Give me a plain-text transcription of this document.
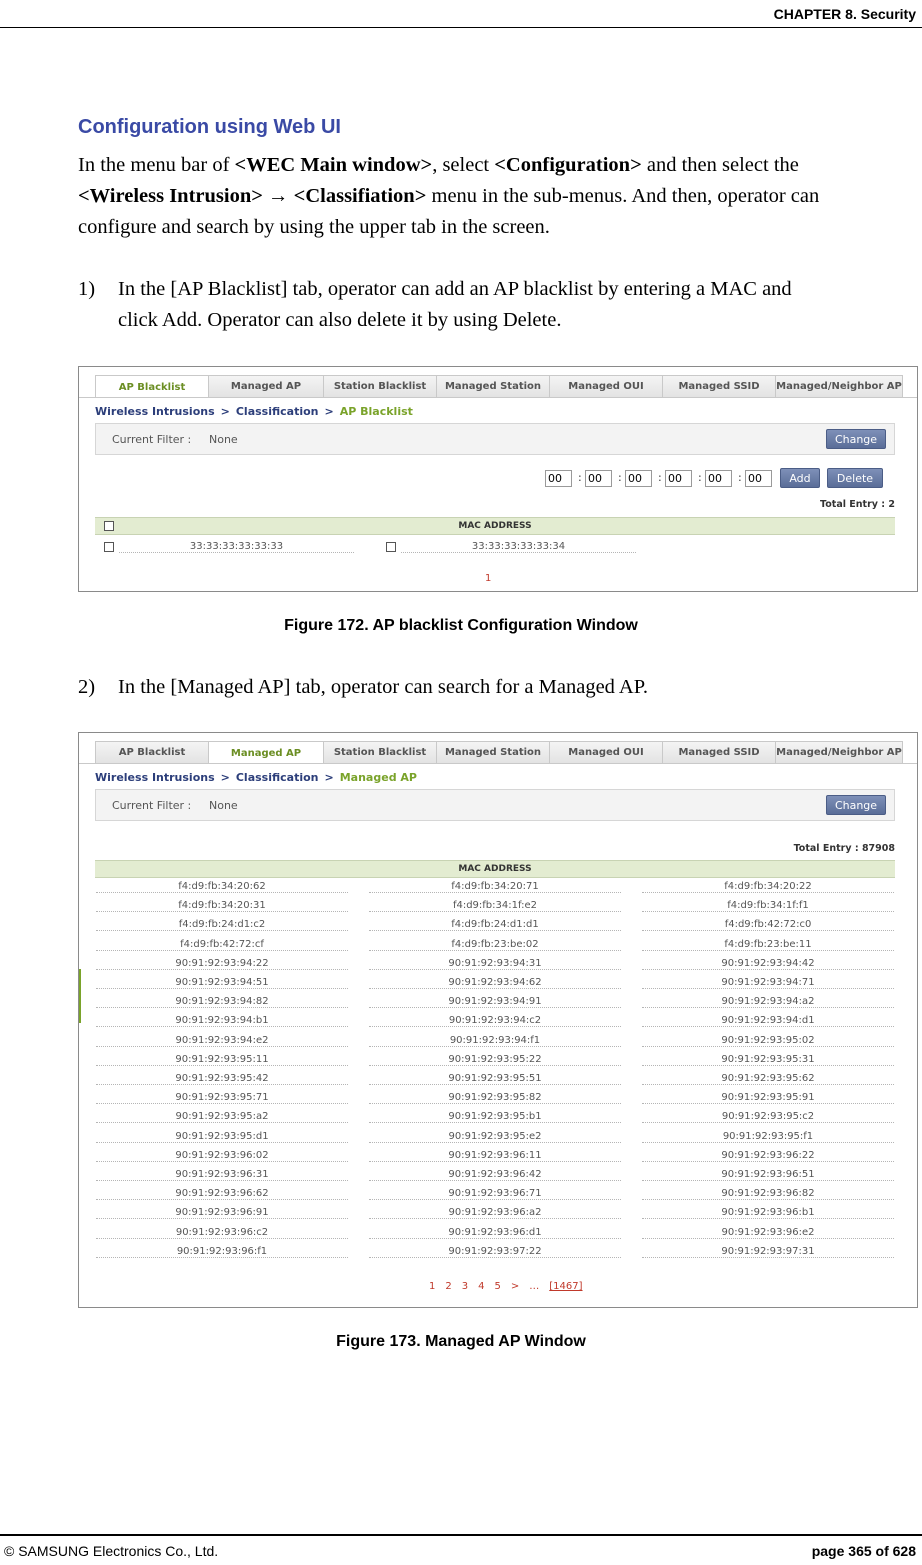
CHAPTER 8. Security
Configuration using Web UI
In the menu bar of <WEC Main window>, select <Configuration> and then select the
<Wireless Intrusion> → <Classifiation> menu in the sub-menus. And then, operator can
configure and search by using the upper tab in the screen.
1) In the [AP Blacklist] tab, operator can add an AP blacklist by entering a MAC and
click Add. Operator can also delete it by using Delete.
AP Blacklist	Managed AP	Station Blacklist	Managed Station	Managed OUI	Managed SSID	Managed/Neighbor AP
Wireless Intrusions > Classification > AP Blacklist
Current Filter : None	Change
Add	Delete
Total Entry : 2
MAC ADDRESS
33:33:33:33:33:33	33:33:33:33:33:34
1
00	: 00	: 00	: 00	: 00	: 00
Figure 172. AP blacklist Configuration Window
2) In the [Managed AP] tab, operator can search for a Managed AP.
AP Blacklist	Managed AP	Station Blacklist	Managed Station	Managed OUI	Managed SSID	Managed/Neighbor AP
Wireless Intrusions > Classification > Managed AP
Current Filter : None	Change
Total Entry : 87908
MAC ADDRESS
1 2 3 4 5 > … [1467]
f4:d9:fb:34:20:62	f4:d9:fb:34:20:71	f4:d9:fb:34:20:22
f4:d9:fb:34:20:31	f4:d9:fb:34:1f:e2	f4:d9:fb:34:1f:f1
f4:d9:fb:24:d1:c2	f4:d9:fb:24:d1:d1	f4:d9:fb:42:72:c0
f4:d9:fb:42:72:cf	f4:d9:fb:23:be:02	f4:d9:fb:23:be:11
90:91:92:93:94:22	90:91:92:93:94:31	90:91:92:93:94:42
90:91:92:93:94:51	90:91:92:93:94:62	90:91:92:93:94:71
90:91:92:93:94:82	90:91:92:93:94:91	90:91:92:93:94:a2
90:91:92:93:94:b1	90:91:92:93:94:c2	90:91:92:93:94:d1
90:91:92:93:94:e2	90:91:92:93:94:f1	90:91:92:93:95:02
90:91:92:93:95:11	90:91:92:93:95:22	90:91:92:93:95:31
90:91:92:93:95:42	90:91:92:93:95:51	90:91:92:93:95:62
90:91:92:93:95:71	90:91:92:93:95:82	90:91:92:93:95:91
90:91:92:93:95:a2	90:91:92:93:95:b1	90:91:92:93:95:c2
90:91:92:93:95:d1	90:91:92:93:95:e2	90:91:92:93:95:f1
90:91:92:93:96:02	90:91:92:93:96:11	90:91:92:93:96:22
90:91:92:93:96:31	90:91:92:93:96:42	90:91:92:93:96:51
90:91:92:93:96:62	90:91:92:93:96:71	90:91:92:93:96:82
90:91:92:93:96:91	90:91:92:93:96:a2	90:91:92:93:96:b1
90:91:92:93:96:c2	90:91:92:93:96:d1	90:91:92:93:96:e2
90:91:92:93:96:f1	90:91:92:93:97:22	90:91:92:93:97:31
Figure 173. Managed AP Window
© SAMSUNG Electronics Co., Ltd.	page 365 of 628
